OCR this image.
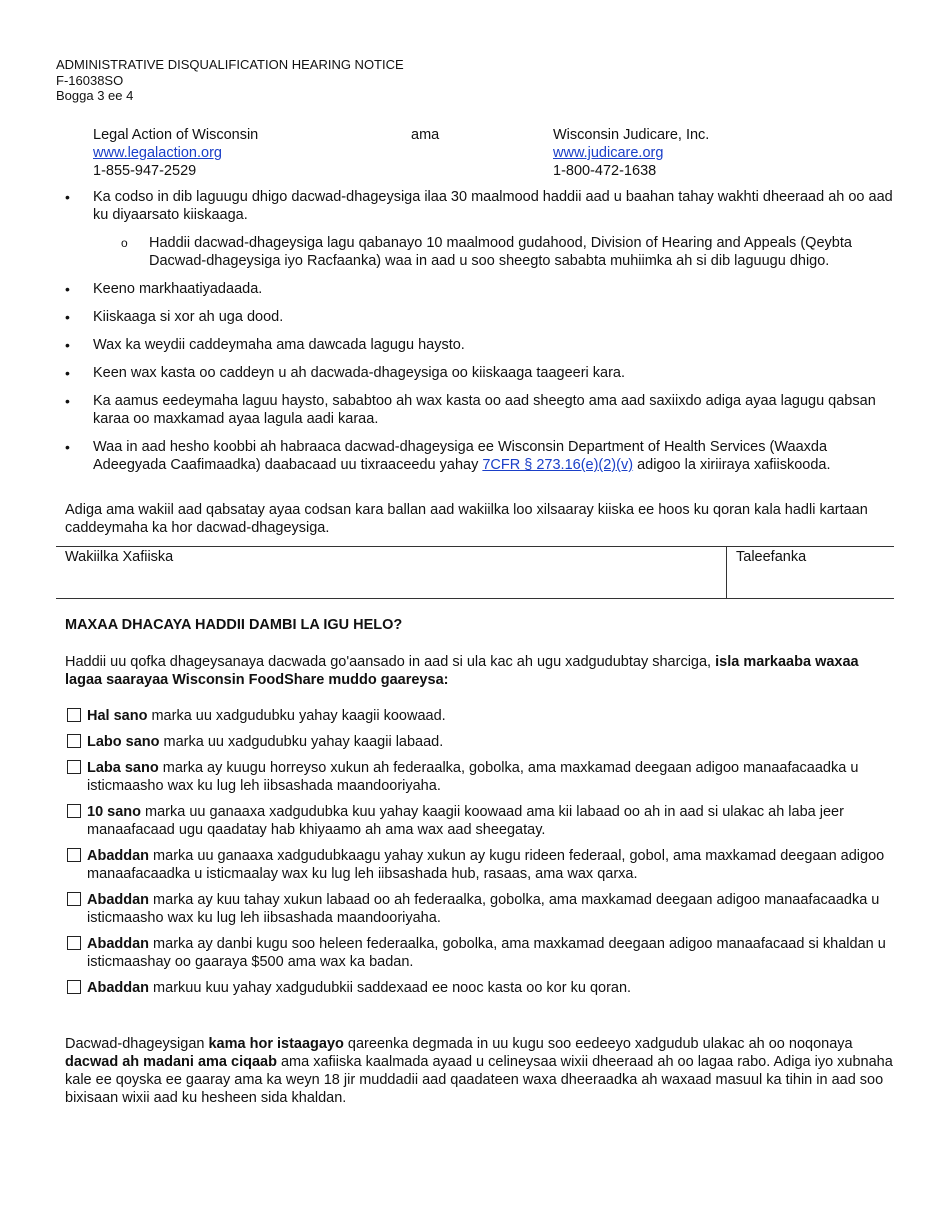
ADMINISTRATIVE DISQUALIFICATION HEARING NOTICE
F-16038SO
Bogga 3 ee 4
Legal Action of Wisconsin
www.legalaction.org
1-855-947-2529
ama	Wisconsin Judicare, Inc.
www.judicare.org
1-800-472-1638
• Ka codso in dib laguugu dhigo dacwad-dhageysiga ilaa 30 maalmood haddii aad u baahan tahay wakhti dheeraad ah oo aad ku diyaarsato kiiskaaga.
o Haddii dacwad-dhageysiga lagu qabanayo 10 maalmood gudahood, Division of Hearing and Appeals (Qeybta Dacwad-dhageysiga iyo Racfaanka) waa in aad u soo sheegto sababta muhiimka ah si dib laguugu dhigo.
• Keeno markhaatiyadaada.
• Kiiskaaga si xor ah uga dood.
• Wax ka weydii caddeymaha ama dawcada lagugu haysto.
• Keen wax kasta oo caddeyn u ah dacwada-dhageysiga oo kiiskaaga taageeri kara.
• Ka aamus eedeymaha laguu haysto, sababtoo ah wax kasta oo aad sheegto ama aad saxiixdo adiga ayaa lagugu qabsan karaa oo maxkamad ayaa lagula aadi karaa.
• Waa in aad hesho koobbi ah habraaca dacwad-dhageysiga ee Wisconsin Department of Health Services (Waaxda Adeegyada Caafimaadka) daabacaad uu tixraaceedu yahay 7CFR § 273.16(e)(2)(v) adigoo la xiriiraya xafiiskooda.
Adiga ama wakiil aad qabsatay ayaa codsan kara ballan aad wakiilka loo xilsaaray kiiska ee hoos ku qoran kala hadli kartaan caddeymaha ka hor dacwad-dhageysiga.
Wakiilka Xafiiska	Taleefanka
MAXAA DHACAYA HADDII DAMBI LA IGU HELO?
Haddii uu qofka dhageysanaya dacwada go'aansado in aad si ula kac ah ugu xadgudubtay sharciga, isla markaaba waxaa lagaa saarayaa Wisconsin FoodShare muddo gaareysa:
Hal sano marka uu xadgudubku yahay kaagii koowaad.
Labo sano marka uu xadgudubku yahay kaagii labaad.
Laba sano marka ay kuugu horreyso xukun ah federaalka, gobolka, ama maxkamad deegaan adigoo manaafacaadka u isticmaasho wax ku lug leh iibsashada maandooriyaha.
10 sano marka uu ganaaxa xadgudubka kuu yahay kaagii koowaad ama kii labaad oo ah in aad si ulakac ah laba jeer manaafacaad ugu qaadatay hab khiyaamo ah ama wax aad sheegatay.
Abaddan marka uu ganaaxa xadgudubkaagu yahay xukun ay kugu rideen federaal, gobol, ama maxkamad deegaan adigoo manaafacaadka u isticmaalay wax ku lug leh iibsashada hub, rasaas, ama wax qarxa.
Abaddan marka ay kuu tahay xukun labaad oo ah federaalka, gobolka, ama maxkamad deegaan adigoo manaafacaadka u isticmaasho wax ku lug leh iibsashada maandooriyaha.
Abaddan marka ay danbi kugu soo heleen federaalka, gobolka, ama maxkamad deegaan adigoo manaafacaad si khaldan u isticmaashay oo gaaraya $500 ama wax ka badan.
Abaddan markuu kuu yahay xadgudubkii saddexaad ee nooc kasta oo kor ku qoran.
Dacwad-dhageysigan kama hor istaagayo qareenka degmada in uu kugu soo eedeeyo xadgudub ulakac ah oo noqonaya dacwad ah madani ama ciqaab ama xafiiska kaalmada ayaad u celineysaa wixii dheeraad ah oo lagaa rabo. Adiga iyo xubnaha kale ee qoyska ee gaaray ama ka weyn 18 jir muddadii aad qaadateen waxa dheeraadka ah waxaad masuul ka tihin in aad soo bixisaan wixii aad ku hesheen sida khaldan.
